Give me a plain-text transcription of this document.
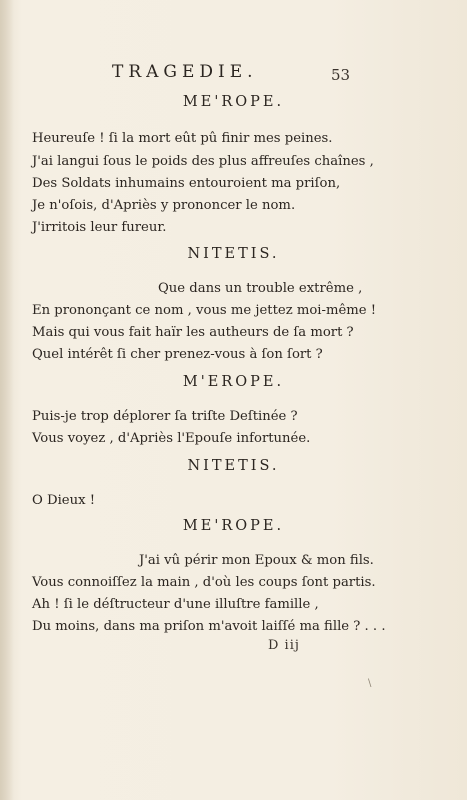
TRAGEDIE.	53
ME'ROPE.
Heureuſe ! ſi la mort eût pû finir mes peines.
J'ai langui ſous le poids des plus affreuſes chaînes ,
Des Soldats inhumains entouroient ma priſon,
Je n'oſois, d'Apriès y prononcer le nom.
J'irritois leur fureur.
NITETIS.
Que dans un trouble extrême ,
En prononçant ce nom , vous me jettez moi-même !
Mais qui vous fait haïr les autheurs de ſa mort ?
Quel intérêt ſi cher prenez-vous à ſon ſort ?
M'EROPE.
Puis-je trop déplorer ſa triſte Deſtinée ?
Vous voyez , d'Apriès l'Epouſe infortunée.
NITETIS.
O Dieux !
ME'ROPE.
J'ai vû périr mon Epoux & mon fils.
Vous connoiſſez la main , d'où les coups ſont partis.
Ah ! ſi le déſtructeur d'une illuſtre famille ,
Du moins, dans ma priſon m'avoit laiſſé ma fille ? . . .
D iij
\
